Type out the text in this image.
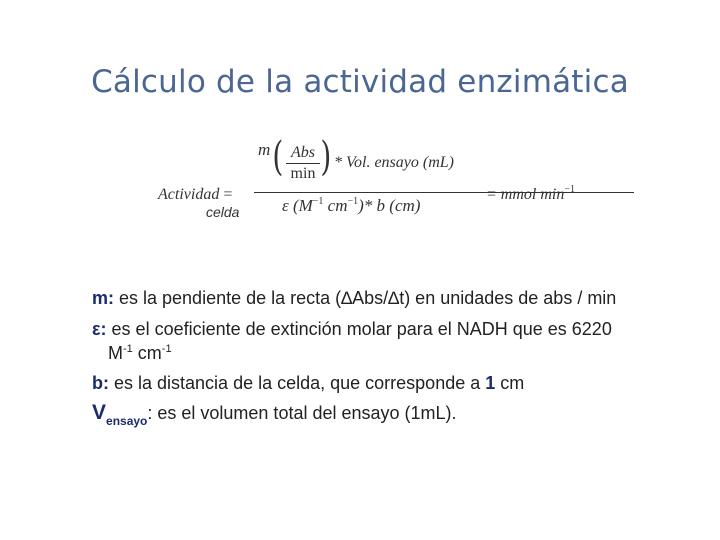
Cálculo de la actividad enzimática
Actividad =
celda
m ( Abs
min ) * Vol. ensayo (mL)
ε ($M^{-1}$ $cm^{-1})*$ b (cm)
= mmol $\min^{-1}$

m: es la pendiente de la recta (∆Abs/∆t) en unidades de abs / min

ε: es el coeficiente de extinción molar para el NADH que es 6220
$M^{-1}$ $cm^{-1}$

b: es la distancia de la celda, que corresponde a 1 cm

$V_{ensayo}$: es el volumen total del ensayo (1mL).
